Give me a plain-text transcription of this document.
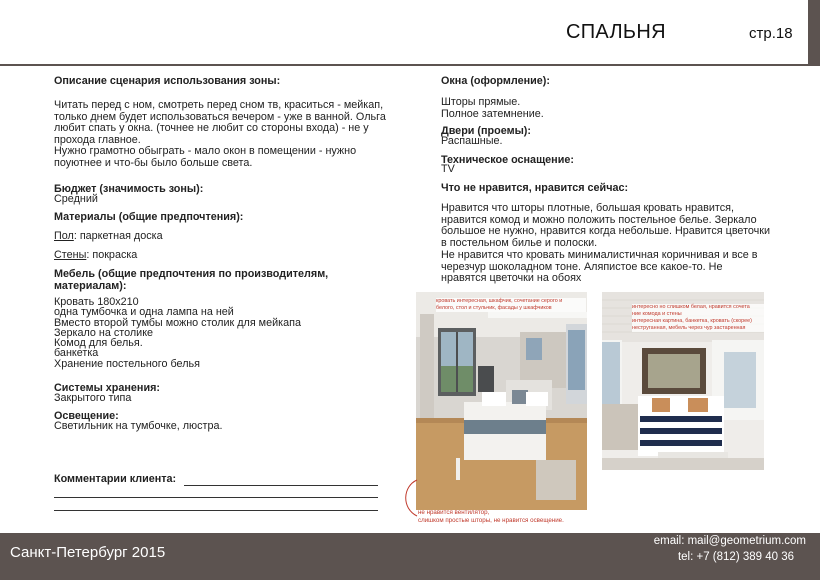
СПАЛЬНЯ	стр.18
Описание сценария использования зоны:
Читать перед с ном, смотреть перед сном тв, краситься - мейкап,
только днем будет использоваться вечером - уже в ванной. Ольга
любит спать у окна. (точнее не любит со стороны входа) - не у
прохода главное.
Нужно грамотно обыграть - мало окон в помещении - нужно
поуютнее и что-бы было больше света.
Бюджет (значимость зоны):
Средний
Материалы (общие предпочтения):
Пол: паркетная доска
Стены: покраска
Мебель (общие предпочтения по производителям,
материалам):
Кровать 180х210
одна тумбочка и одна лампа на ней
Вместо второй тумбы можно столик для мейкапа
Зеркало на столике
Комод для белья.
банкетка
Хранение постельного белья
Системы хранения:
Закрытого типа
Освещение:
Светильник на тумбочке, люстра.
Комментарии клиента:
Окна (оформление):
Шторы прямые.
Полное затемнение.
Двери (проемы):
Распашные.
Техническое оснащение:
TV
Что не нравится, нравится сейчас:
Нравится что шторы плотные, большая кровать нравится,
нравится комод и можно положить постельное белье. Зеркало
большое не нужно, нравится когда небольше. Нравится цветочки
в постельном билье и полоски.
Не нравится что кровать минималистичная коричнивая и все в
черезчур шоколадном тоне. Аляпистое все какое-то. Не
нравятся цветочки на обоях
кровать интересная, шкафчик, сочетание серого и
белого, стол и стульчик, фасады у шкафчиков	интересно но слишком белая, нравится сочета
ние комода и стены
интересная картина, банкетка, кровать (скорее)
неструганная, мебель через чур застаренная
не нравится вентилятор,
слишком простые шторы, не нравится освещение.
Санкт-Петербург 2015
email: mail@geometrium.com
tel: +7 (812) 389 40 36
